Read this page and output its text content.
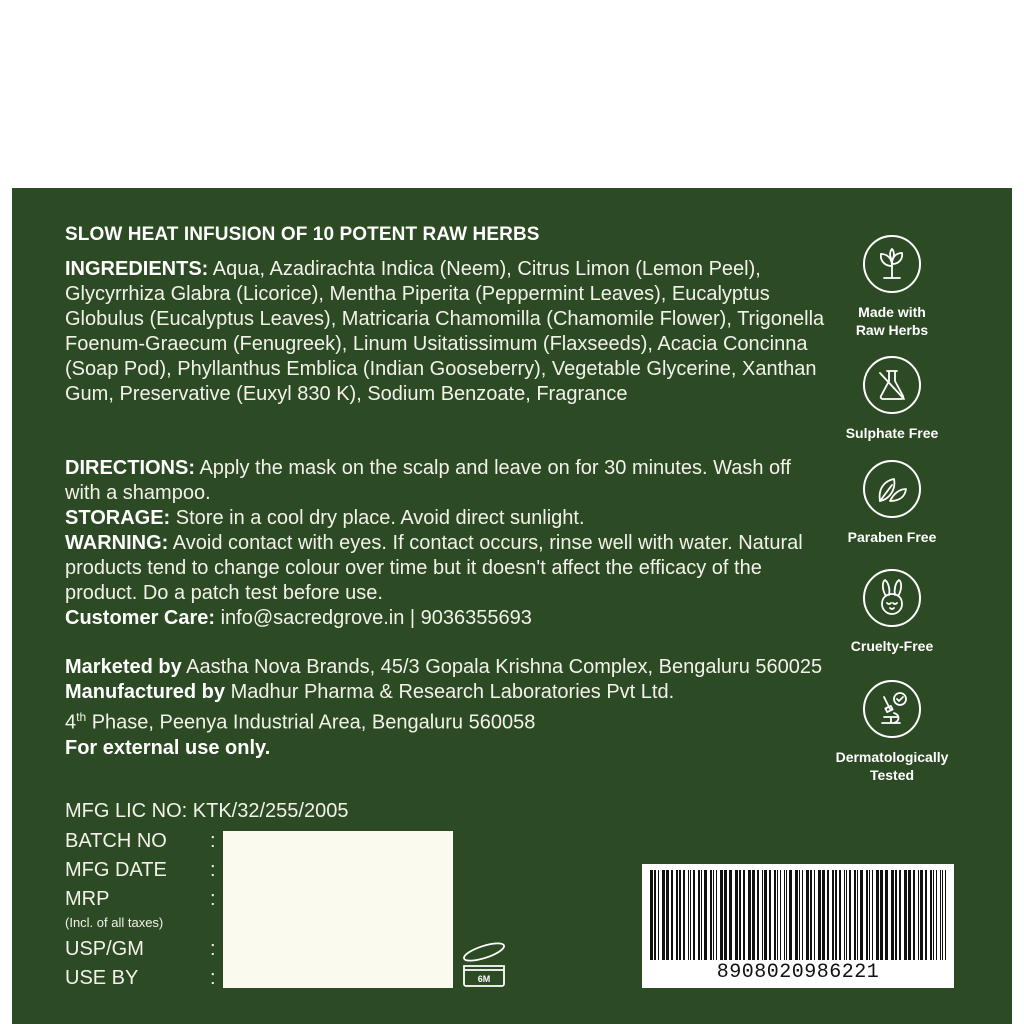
SLOW HEAT INFUSION OF 10 POTENT RAW HERBS
INGREDIENTS: Aqua, Azadirachta Indica (Neem), Citrus Limon (Lemon Peel), Glycyrrhiza Glabra (Licorice), Mentha Piperita (Peppermint Leaves), Eucalyptus Globulus (Eucalyptus Leaves), Matricaria Chamomilla (Chamomile Flower), Trigonella Foenum-Graecum (Fenugreek), Linum Usitatissimum (Flaxseeds), Acacia Concinna (Soap Pod), Phyllanthus Emblica (Indian Gooseberry), Vegetable Glycerine, Xanthan Gum, Preservative (Euxyl 830 K), Sodium Benzoate, Fragrance
DIRECTIONS: Apply the mask on the scalp and leave on for 30 minutes. Wash off with a shampoo.
STORAGE: Store in a cool dry place. Avoid direct sunlight.
WARNING: Avoid contact with eyes. If contact occurs, rinse well with water. Natural products tend to change colour over time but it doesn't affect the efficacy of the product. Do a patch test before use.
Customer Care: info@sacredgrove.in | 9036355693
Marketed by Aastha Nova Brands, 45/3 Gopala Krishna Complex, Bengaluru 560025
Manufactured by Madhur Pharma & Research Laboratories Pvt Ltd.
4th Phase, Peenya Industrial Area, Bengaluru 560058
For external use only.
MFG LIC NO: KTK/32/255/2005
BATCH NO :
MFG DATE :
MRP	:
(Incl. of all taxes)
USP/GM	:
USE BY	:	6M	8908020986221
Made with
Raw Herbs
Sulphate Free
Paraben Free
Cruelty-Free
Dermatologically
Tested
